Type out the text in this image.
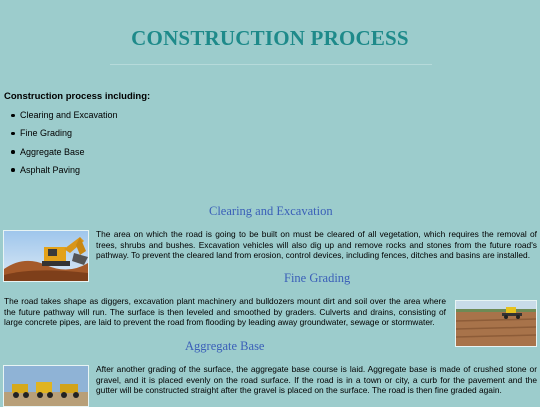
CONSTRUCTION PROCESS
Construction process including:
Clearing and Excavation
Fine Grading
Aggregate Base
Asphalt Paving
Clearing and Excavation
The area on which the road is going to be built on must be cleared of all vegetation, which requires the removal of trees, shrubs and bushes. Excavation vehicles will also dig up and remove rocks and stones from the future road's pathway. To prevent the cleared land from erosion, control devices, including fences, ditches and basins are installed.
Fine Grading
The road takes shape as diggers, excavation plant machinery and bulldozers mount dirt and soil over the area where the future pathway will run. The surface is then leveled and smoothed by graders. Culverts and drains, consisting of large concrete pipes, are laid to prevent the road from flooding by leading away groundwater, sewage or stormwater.
Aggregate Base
After another grading of the surface, the aggregate base course is laid. Aggregate base is made of crushed stone or gravel, and it is placed evenly on the road surface. If the road is in a town or city, a curb for the pavement and the gutter will be constructed straight after the gravel is placed on the surface. The road is then fine graded again.
